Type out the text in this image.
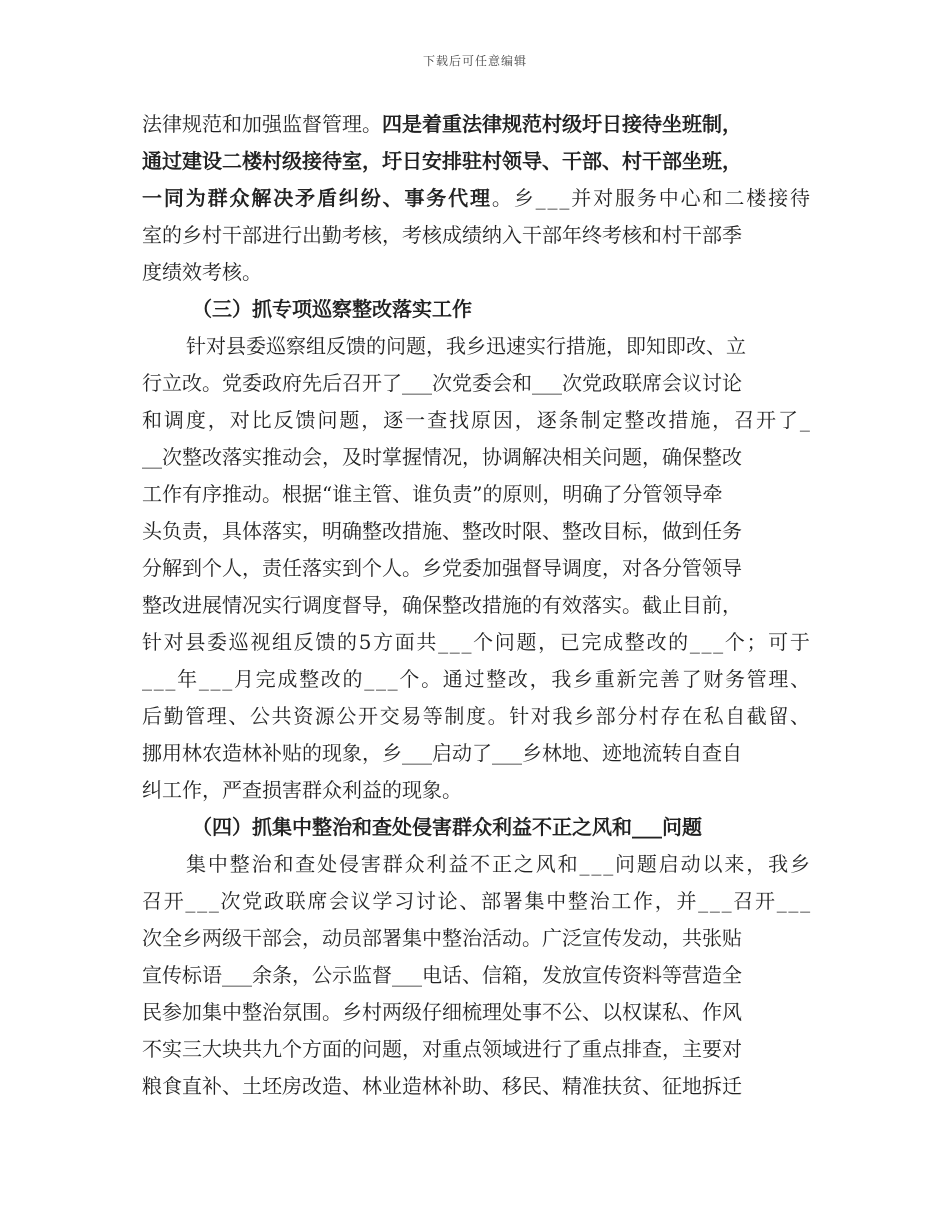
下载后可任意编辑
法律规范和加强监督管理。四是着重法律规范村级圩日接待坐班制，
通过建设二楼村级接待室，圩日安排驻村领导、干部、村干部坐班，
一同为群众解决矛盾纠纷、事务代理。乡___并对服务中心和二楼接待
室的乡村干部进行出勤考核，考核成绩纳入干部年终考核和村干部季
度绩效考核。
（三）抓专项巡察整改落实工作
针对县委巡察组反馈的问题，我乡迅速实行措施，即知即改、立
行立改。党委政府先后召开了___次党委会和___次党政联席会议讨论
和调度，对比反馈问题，逐一查找原因，逐条制定整改措施，召开了_
__次整改落实推动会，及时掌握情况，协调解决相关问题，确保整改
工作有序推动。根据“谁主管、谁负责”的原则，明确了分管领导牵
头负责，具体落实，明确整改措施、整改时限、整改目标，做到任务
分解到个人，责任落实到个人。乡党委加强督导调度，对各分管领导
整改进展情况实行调度督导，确保整改措施的有效落实。截止目前，
针对县委巡视组反馈的5方面共___个问题，已完成整改的___个；可于
___年___月完成整改的___个。通过整改，我乡重新完善了财务管理、
后勤管理、公共资源公开交易等制度。针对我乡部分村存在私自截留、
挪用林农造林补贴的现象，乡___启动了___乡林地、迹地流转自查自
纠工作，严查损害群众利益的现象。
（四）抓集中整治和查处侵害群众利益不正之风和___问题
集中整治和查处侵害群众利益不正之风和___问题启动以来，我乡
召开___次党政联席会议学习讨论、部署集中整治工作，并___召开___
次全乡两级干部会，动员部署集中整治活动。广泛宣传发动，共张贴
宣传标语___余条，公示监督___电话、信箱，发放宣传资料等营造全
民参加集中整治氛围。乡村两级仔细梳理处事不公、以权谋私、作风
不实三大块共九个方面的问题，对重点领域进行了重点排查，主要对
粮食直补、土坯房改造、林业造林补助、移民、精准扶贫、征地拆迁
